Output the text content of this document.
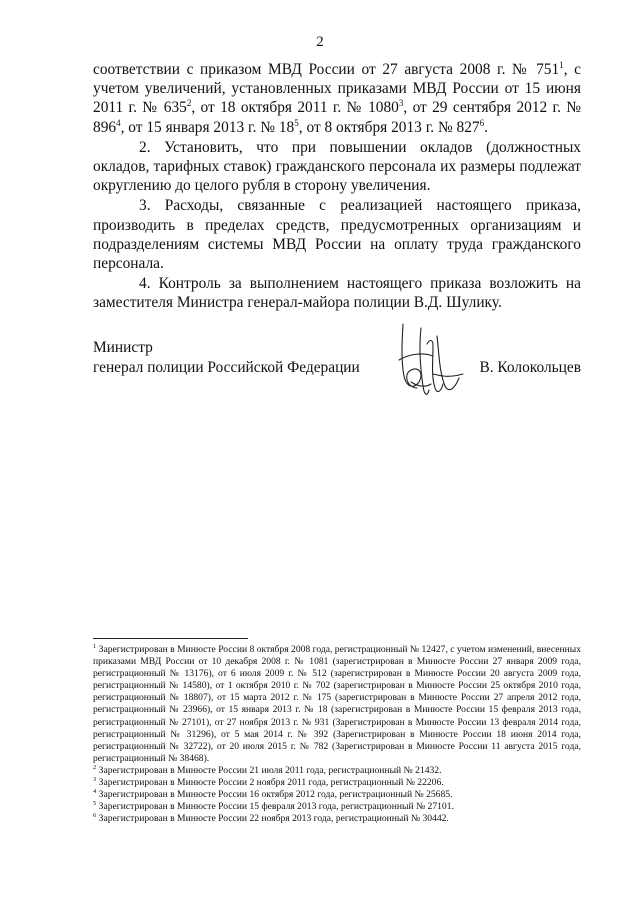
2

соответствии с приказом МВД России от 27 августа 2008 г. № $751^1$, с учетом увеличений, установленных приказами МВД России от 15 июня 2011 г. № $635^2$, от 18 октября 2011 г. № 1080$^3$, от 29 сентября 2012 г. № $896^4$, от 15 января 2013 г. № $18^5$, от 8 октября 2013 г. № $827^6$.

2. Установить, что при повышении окладов (должностных окладов, тарифных ставок) гражданского персонала их размеры подлежат округлению до целого рубля в сторону увеличения.

3. Расходы, связанные с реализацией настоящего приказа, производить в пределах средств, предусмотренных организациям и подразделениям системы МВД России на оплату труда гражданского персонала.

4. Контроль за выполнением настоящего приказа возложить на заместителя Министра генерал-майора полиции В.Д. Шулику.

Министр
генерал полиции Российской Федерации	В. Колокольцев

$^1$ Зарегистрирован в Минюсте России 8 октября 2008 года, регистрационный № 12427, с учетом изменений, внесенных приказами МВД России от 10 декабря 2008 г. № 1081 (зарегистрирован в Минюсте России 27 января 2009 года, регистрационный № 13176), от 6 июля 2009 г. № 512 (зарегистрирован в Минюсте России 20 августа 2009 года, регистрационный № 14580), от 1 октября 2010 г. № 702 (зарегистрирован в Минюсте России 25 октября 2010 года, регистрационный № 18807), от 15 марта 2012 г. № 175 (зарегистрирован в Минюсте России 27 апреля 2012 года, регистрационный № 23966), от 15 января 2013 г. № 18 (зарегистрирован в Минюсте России 15 февраля 2013 года, регистрационный № 27101), от 27 ноября 2013 г. № 931 (Зарегистрирован в Минюсте России 13 февраля 2014 года, регистрационный № 31296), от 5 мая 2014 г. № 392 (Зарегистрирован в Минюсте России 18 июня 2014 года, регистрационный № 32722), от 20 июля 2015 г. № 782 (Зарегистрирован в Минюсте России 11 августа 2015 года, регистрационный № 38468).

$^2$ Зарегистрирован в Минюсте России 21 июля 2011 года, регистрационный № 21432.

$^3$ Зарегистрирован в Минюсте России 2 ноября 2011 года, регистрационный № 22206.

$^4$ Зарегистрирован в Минюсте России 16 октября 2012 года, регистрационный № 25685.

$^5$ Зарегистрирован в Минюсте России 15 февраля 2013 года, регистрационный № 27101.

$^6$ Зарегистрирован в Минюсте России 22 ноября 2013 года, регистрационный № 30442.
